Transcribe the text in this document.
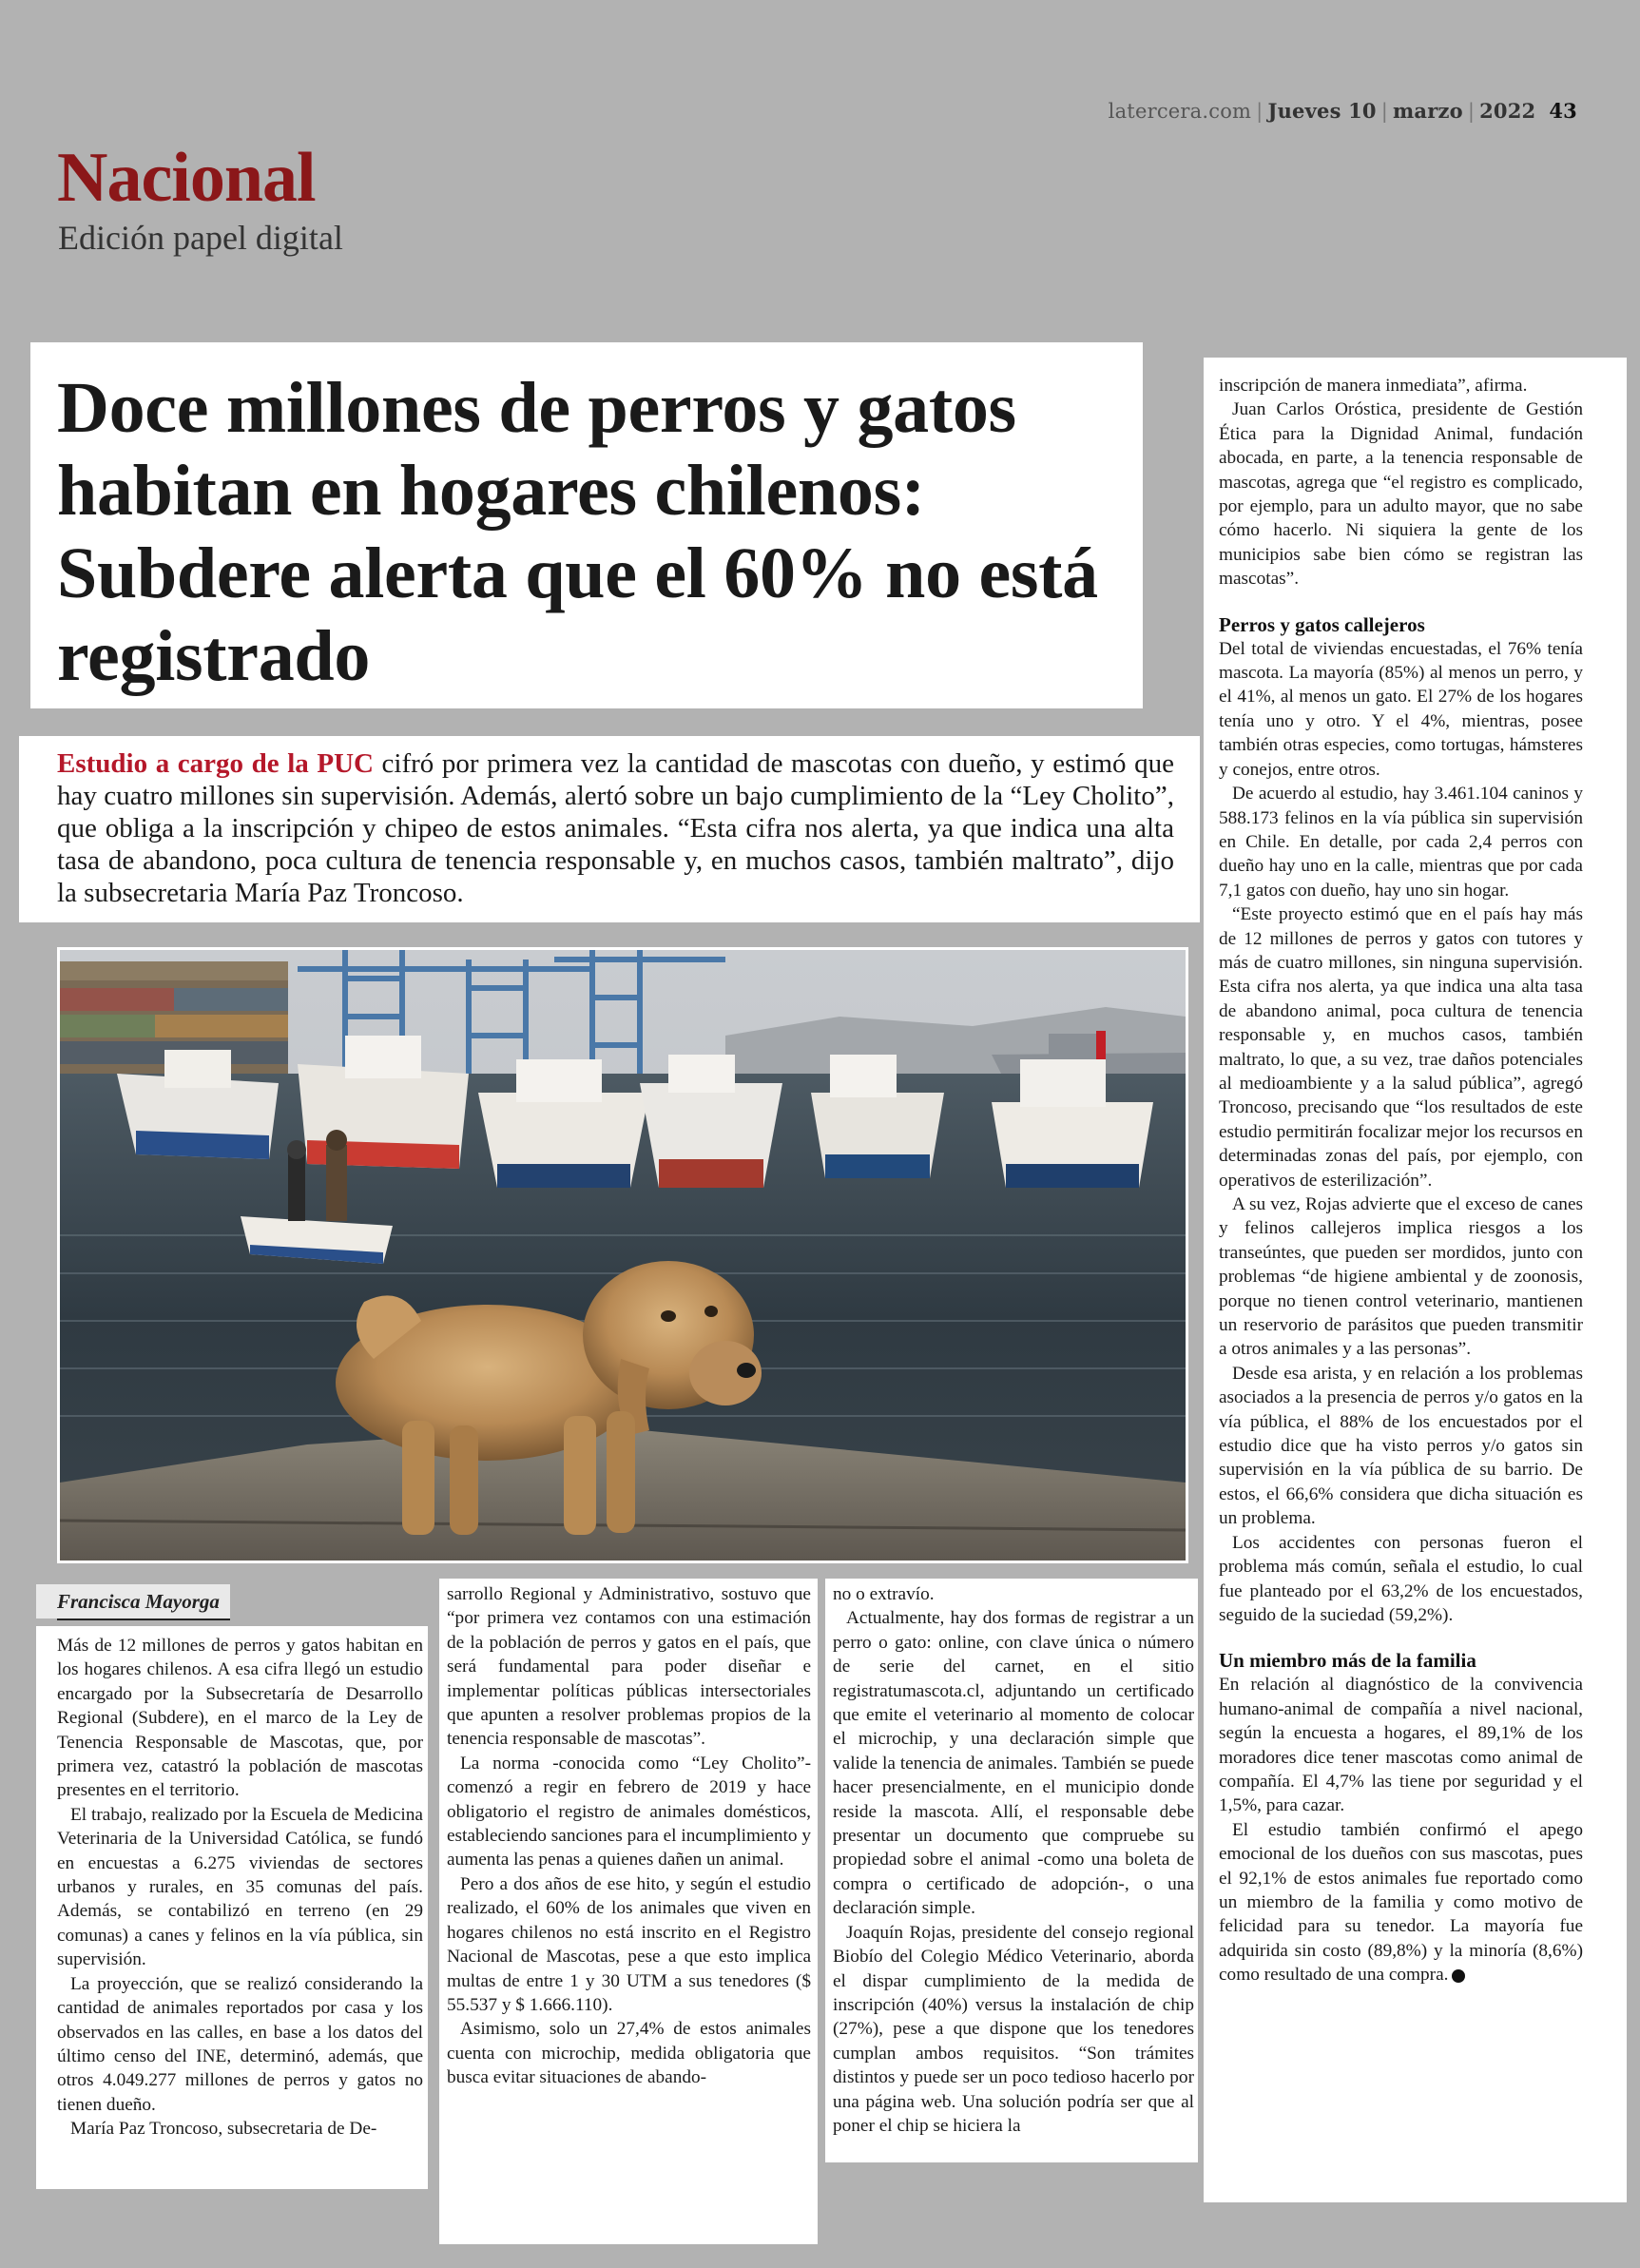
latercera.com | Jueves 10 | marzo | 2022 43
Nacional
Edición papel digital
Doce millones de perros y gatos habitan en hogares chilenos: Subdere alerta que el 60% no está registrado
Estudio a cargo de la PUC cifró por primera vez la cantidad de mascotas con dueño, y estimó que hay cuatro millones sin supervisión. Además, alertó sobre un bajo cumplimiento de la “Ley Cholito”, que obliga a la inscripción y chipeo de estos animales. “Esta cifra nos alerta, ya que indica una alta tasa de abandono, poca cultura de tenencia responsable y, en muchos casos, también maltrato”, dijo la subsecretaria María Paz Troncoso.
Francisca Mayorga

Más de 12 millones de perros y gatos habitan en los hogares chilenos. A esa cifra llegó un estudio encargado por la Subsecretaría de Desarrollo Regional (Subdere), en el marco de la Ley de Tenencia Responsable de Mascotas, que, por primera vez, catastró la población de mascotas presentes en el territorio.

El trabajo, realizado por la Escuela de Medicina Veterinaria de la Universidad Católica, se fundó en encuestas a 6.275 viviendas de sectores urbanos y rurales, en 35 comunas del país. Además, se contabilizó en terreno (en 29 comunas) a canes y felinos en la vía pública, sin supervisión.

La proyección, que se realizó considerando la cantidad de animales reportados por casa y los observados en las calles, en base a los datos del último censo del INE, determinó, además, que otros 4.049.277 millones de perros y gatos no tienen dueño.

María Paz Troncoso, subsecretaria de De-

sarrollo Regional y Administrativo, sostuvo que “por primera vez contamos con una estimación de la población de perros y gatos en el país, que será fundamental para poder diseñar e implementar políticas públicas intersectoriales que apunten a resolver problemas propios de la tenencia responsable de mascotas”.

La norma -conocida como “Ley Cholito”- comenzó a regir en febrero de 2019 y hace obligatorio el registro de animales domésticos, estableciendo sanciones para el incumplimiento y aumenta las penas a quienes dañen un animal.

Pero a dos años de ese hito, y según el estudio realizado, el 60% de los animales que viven en hogares chilenos no está inscrito en el Registro Nacional de Mascotas, pese a que esto implica multas de entre 1 y 30 UTM a sus tenedores ($ 55.537 y $ 1.666.110).

Asimismo, solo un 27,4% de estos animales cuenta con microchip, medida obligatoria que busca evitar situaciones de abando-

no o extravío.

Actualmente, hay dos formas de registrar a un perro o gato: online, con clave única o número de serie del carnet, en el sitio registratumascota.cl, adjuntando un certificado que emite el veterinario al momento de colocar el microchip, y una declaración simple que valide la tenencia de animales. También se puede hacer presencialmente, en el municipio donde reside la mascota. Allí, el responsable debe presentar un documento que compruebe su propiedad sobre el animal -como una boleta de compra o certificado de adopción-, o una declaración simple.

Joaquín Rojas, presidente del consejo regional Biobío del Colegio Médico Veterinario, aborda el dispar cumplimiento de la medida de inscripción (40%) versus la instalación de chip (27%), pese a que dispone que los tenedores cumplan ambos requisitos. “Son trámites distintos y puede ser un poco tedioso hacerlo por una página web. Una solución podría ser que al poner el chip se hiciera la

inscripción de manera inmediata”, afirma.

Juan Carlos Oróstica, presidente de Gestión Ética para la Dignidad Animal, fundación abocada, en parte, a la tenencia responsable de mascotas, agrega que “el registro es complicado, por ejemplo, para un adulto mayor, que no sabe cómo hacerlo. Ni siquiera la gente de los municipios sabe bien cómo se registran las mascotas”.

Perros y gatos callejeros

Del total de viviendas encuestadas, el 76% tenía mascota. La mayoría (85%) al menos un perro, y el 41%, al menos un gato. El 27% de los hogares tenía uno y otro. Y el 4%, mientras, posee también otras especies, como tortugas, hámsteres y conejos, entre otros.

De acuerdo al estudio, hay 3.461.104 caninos y 588.173 felinos en la vía pública sin supervisión en Chile. En detalle, por cada 2,4 perros con dueño hay uno en la calle, mientras que por cada 7,1 gatos con dueño, hay uno sin hogar.

“Este proyecto estimó que en el país hay más de 12 millones de perros y gatos con tutores y más de cuatro millones, sin ninguna supervisión. Esta cifra nos alerta, ya que indica una alta tasa de abandono animal, poca cultura de tenencia responsable y, en muchos casos, también maltrato, lo que, a su vez, trae daños potenciales al medioambiente y a la salud pública”, agregó Troncoso, precisando que “los resultados de este estudio permitirán focalizar mejor los recursos en determinadas zonas del país, por ejemplo, con operativos de esterilización”.

A su vez, Rojas advierte que el exceso de canes y felinos callejeros implica riesgos a los transeúntes, que pueden ser mordidos, junto con problemas “de higiene ambiental y de zoonosis, porque no tienen control veterinario, mantienen un reservorio de parásitos que pueden transmitir a otros animales y a las personas”.

Desde esa arista, y en relación a los problemas asociados a la presencia de perros y/o gatos en la vía pública, el 88% de los encuestados por el estudio dice que ha visto perros y/o gatos sin supervisión en la vía pública de su barrio. De estos, el 66,6% considera que dicha situación es un problema.

Los accidentes con personas fueron el problema más común, señala el estudio, lo cual fue planteado por el 63,2% de los encuestados, seguido de la suciedad (59,2%).

Un miembro más de la familia

En relación al diagnóstico de la convivencia humano-animal de compañía a nivel nacional, según la encuesta a hogares, el 89,1% de los moradores dice tener mascotas como animal de compañía. El 4,7% las tiene por seguridad y el 1,5%, para cazar.

El estudio también confirmó el apego emocional de los dueños con sus mascotas, pues el 92,1% de estos animales fue reportado como un miembro de la familia y como motivo de felicidad para su tenedor. La mayoría fue adquirida sin costo (89,8%) y la minoría (8,6%) como resultado de una compra.
